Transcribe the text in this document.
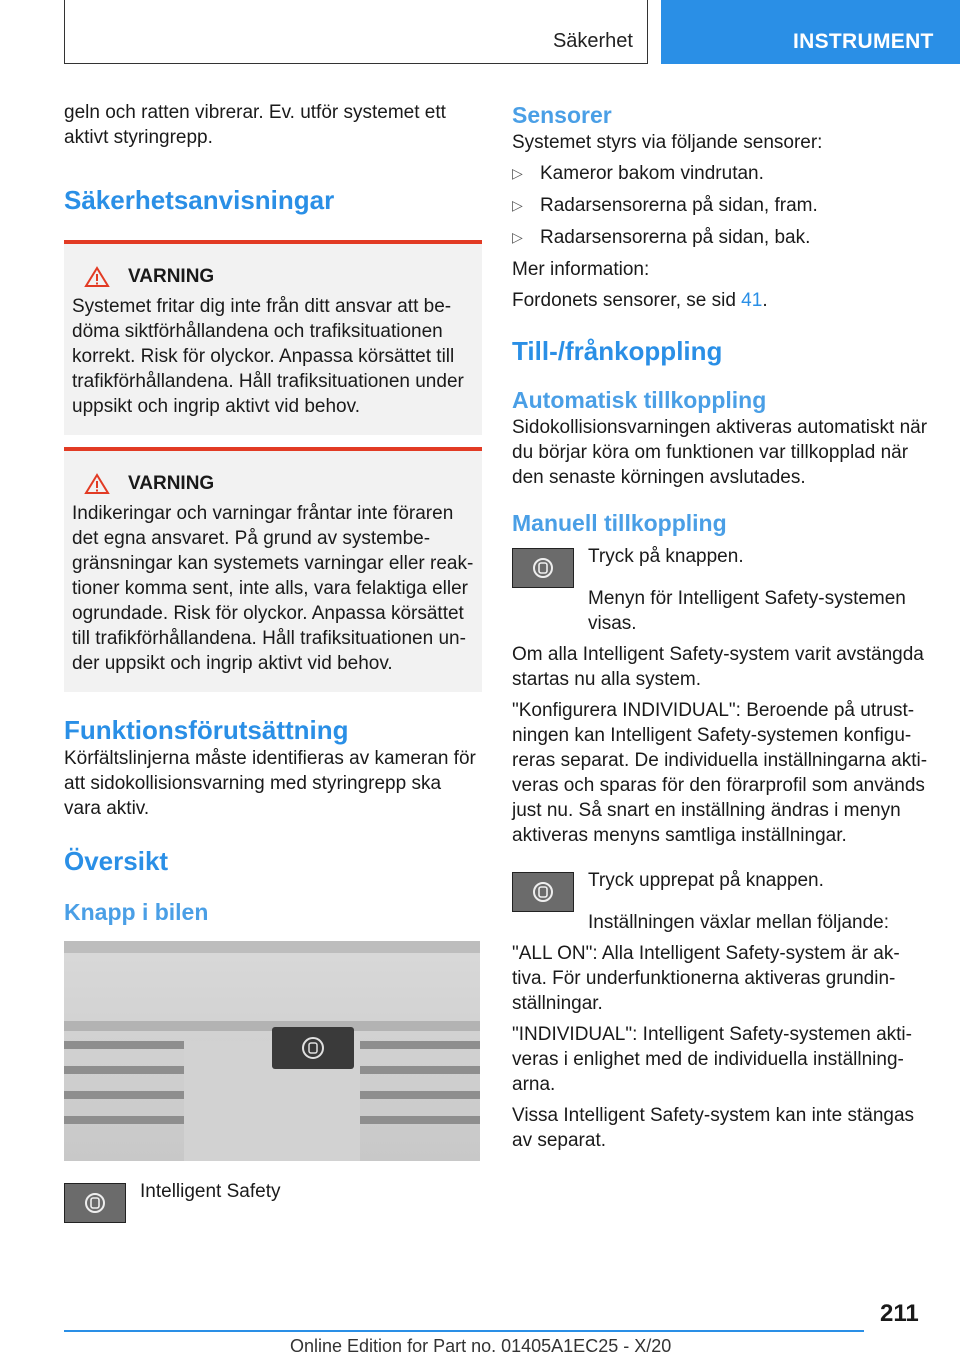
Säkerhet	INSTRUMENT

geln och ratten vibrerar. Ev. utför systemet ett aktivt styringrepp.

Säkerhetsanvisningar
VARNING

Systemet fritar dig inte från ditt ansvar att be‐döma siktförhållandena och trafiksituationen korrekt. Risk för olyckor. Anpassa körsättet till trafikförhållandena. Håll trafiksituationen under uppsikt och ingrip aktivt vid behov.

VARNING

Indikeringar och varningar fråntar inte föraren det egna ansvaret. På grund av systembe‐gränsningar kan systemets varningar eller reak‐tioner komma sent, inte alls, vara felaktiga eller ogrundade. Risk för olyckor. Anpassa körsättet till trafikförhållandena. Håll trafiksituationen un‐der uppsikt och ingrip aktivt vid behov.

Funktionsförutsättning

Körfältslinjerna måste identifieras av kameran för att sidokollisionsvarning med styringrepp ska vara aktiv.

Översikt
Knapp i bilen

Intelligent Safety

Sensorer

Systemet styrs via följande sensorer:

▷ Kameror bakom vindrutan.
▷ Radarsensorerna på sidan, fram.
▷ Radarsensorerna på sidan, bak.

Mer information:

Fordonets sensorer, se sid 41.

Till-/frånkoppling
Automatisk tillkoppling

Sidokollisionsvarningen aktiveras automatiskt när du börjar köra om funktionen var tillkopplad när den senaste körningen avslutades.

Manuell tillkoppling

Tryck på knappen.

Menyn för Intelligent Safety-systemen visas.

Om alla Intelligent Safety-system varit avstängda startas nu alla system.

"Konfigurera INDIVIDUAL": Beroende på utrust‐ningen kan Intelligent Safety-systemen konfigu‐reras separat. De individuella inställningarna akti‐veras och sparas för den förarprofil som används just nu. Så snart en inställning ändras i menyn aktiveras menyns samtliga inställningar.

Tryck upprepat på knappen.

Inställningen växlar mellan följande:

"ALL ON": Alla Intelligent Safety-system är ak‐tiva. För underfunktionerna aktiveras grundin‐ställningar.

"INDIVIDUAL": Intelligent Safety-systemen akti‐veras i enlighet med de individuella inställning‐arna.

Vissa Intelligent Safety-system kan inte stängas av separat.

211
Online Edition for Part no. 01405A1EC25 - X/20
